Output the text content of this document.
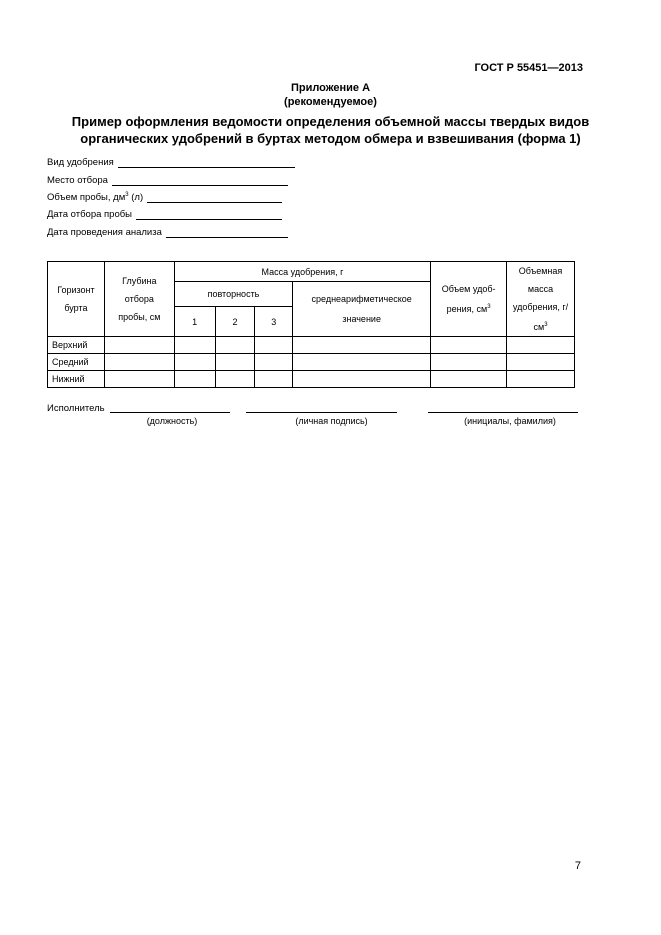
ГОСТ Р 55451—2013
Приложение А
(рекомендуемое)
Пример оформления ведомости определения объемной массы твердых видов
органических удобрений в буртах методом обмера и взвешивания (форма 1)
Вид удобрения
Место отбора
Объем пробы, $дм^3$ (л)
Дата отбора пробы
Дата проведения анализа
Горизонт бурта	Глубина отбора пробы, см	Масса удобрения, г				Объем удоб- рения, $см^3$	Объемная масса удобрения, $г/см^3$

		повторность			среднеарифметическое значение		

		1	2	3			
Верхний							
Средний							
Нижний							
Исполнитель
(должность)	(личная подпись)	(инициалы, фамилия)
7
